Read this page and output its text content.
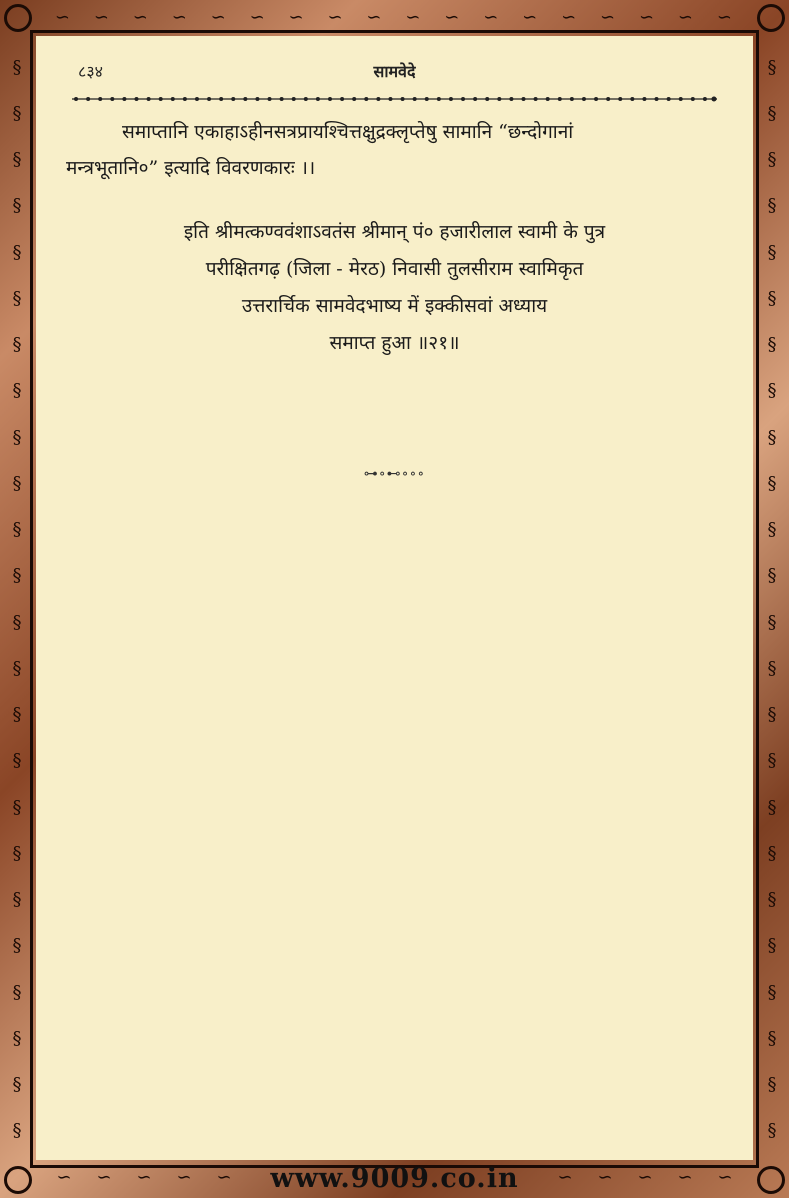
∽ ∽ ∽ ∽ ∽ ∽ ∽ ∽ ∽ ∽ ∽ ∽ ∽ ∽ ∽ ∽ ∽ ∽
§
§
§
§
§
§
§
§
§
§
§
§
§
§
§
§
§
§
§
§
§
§
§
§
§
§
§
§
§
§
§
§
§
§
§
§
§
§
§
§
§
§
§
§
§
§
§
§
∽ ∽ ∽ ∽ ∽	∽ ∽ ∽ ∽ ∽
www.9009.co.in
८३४	सामवेदे
समाप्तानि एकाहाऽहीनसत्रप्रायश्चित्तक्षुद्रक्लृप्तेषु सामानि “छन्दोगानां
मन्त्रभूतानि०” इत्यादि विवरणकारः ।।
इति श्रीमत्कण्ववंशाऽवतंस श्रीमान् पं० हजारीलाल स्वामी के पुत्र
परीक्षितगढ़ (जिला - मेरठ) निवासी तुलसीराम स्वामिकृत
उत्तरार्चिक सामवेदभाष्य में इक्कीसवां अध्याय
समाप्त हुआ ॥२१॥
⊶∘⊷∘∘∘
